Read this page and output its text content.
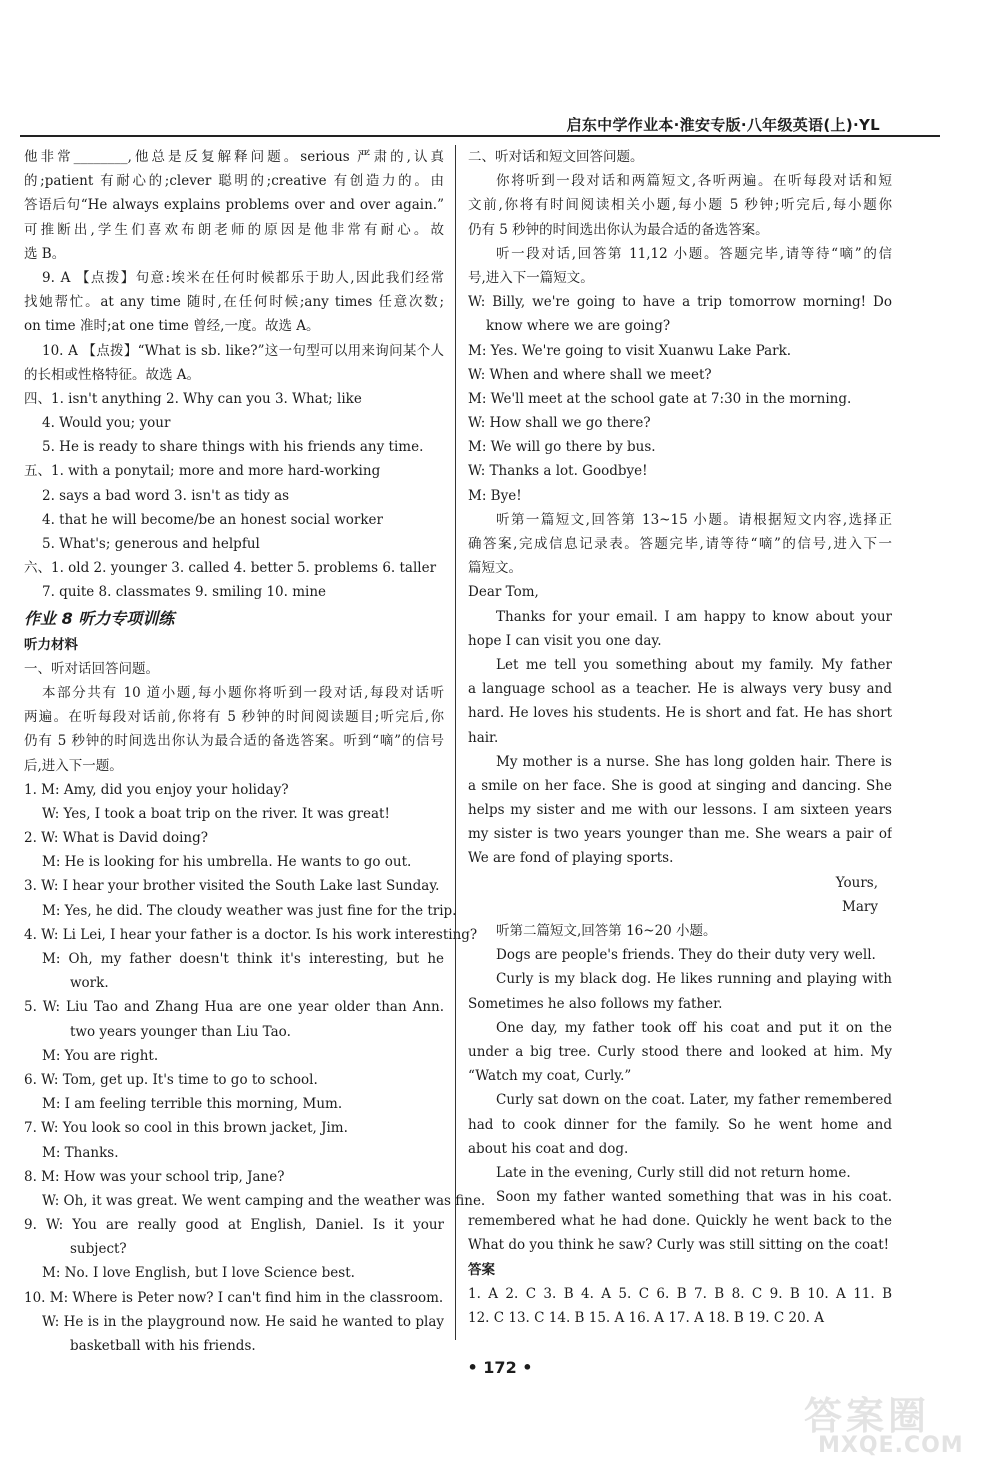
启东中学作业本·淮安专版·八年级英语(上)·YL
他非常________,他总是反复解释问题。serious 严肃的,认真
的;patient 有耐心的;clever 聪明的;creative 有创造力的。由
答语后句“He always explains problems over and over again.”
可推断出,学生们喜欢布朗老师的原因是他非常有耐心。故
选 B。
9. A 【点拨】句意:埃米在任何时候都乐于助人,因此我们经常
找她帮忙。at any time 随时,在任何时候;any times 任意次数;
on time 准时;at one time 曾经,一度。故选 A。
10. A 【点拨】“What is sb. like?”这一句型可以用来询问某个人
的长相或性格特征。故选 A。
四、1. isn't anything 2. Why can you 3. What; like
4. Would you; your
5. He is ready to share things with his friends any time.
五、1. with a ponytail; more and more hard-working
2. says a bad word 3. isn't as tidy as
4. that he will become/be an honest social worker
5. What's; generous and helpful
六、1. old 2. younger 3. called 4. better 5. problems 6. taller
7. quite 8. classmates 9. smiling 10. mine
作业 8 听力专项训练
听力材料
一、听对话回答问题。
本部分共有 10 道小题,每小题你将听到一段对话,每段对话听
两遍。在听每段对话前,你将有 5 秒钟的时间阅读题目;听完后,你
仍有 5 秒钟的时间选出你认为最合适的备选答案。听到“嘀”的信号
后,进入下一题。
1. M: Amy, did you enjoy your holiday?
W: Yes, I took a boat trip on the river. It was great!
2. W: What is David doing?
M: He is looking for his umbrella. He wants to go out.
3. W: I hear your brother visited the South Lake last Sunday.
M: Yes, he did. The cloudy weather was just fine for the trip.
4. W: Li Lei, I hear your father is a doctor. Is his work interesting?
M: Oh, my father doesn't think it's interesting, but he
work.
5. W: Liu Tao and Zhang Hua are one year older than Ann.
two years younger than Liu Tao.
M: You are right.
6. W: Tom, get up. It's time to go to school.
M: I am feeling terrible this morning, Mum.
7. W: You look so cool in this brown jacket, Jim.
M: Thanks.
8. M: How was your school trip, Jane?
W: Oh, it was great. We went camping and the weather was fine.
9. W: You are really good at English, Daniel. Is it your
subject?
M: No. I love English, but I love Science best.
10. M: Where is Peter now? I can't find him in the classroom.
W: He is in the playground now. He said he wanted to play
basketball with his friends.
二、听对话和短文回答问题。
你将听到一段对话和两篇短文,各听两遍。在听每段对话和短
文前,你将有时间阅读相关小题,每小题 5 秒钟;听完后,每小题你
仍有 5 秒钟的时间选出你认为最合适的备选答案。
听一段对话,回答第 11,12 小题。答题完毕,请等待“嘀”的信
号,进入下一篇短文。
W: Billy, we're going to have a trip tomorrow morning! Do
know where we are going?
M: Yes. We're going to visit Xuanwu Lake Park.
W: When and where shall we meet?
M: We'll meet at the school gate at 7:30 in the morning.
W: How shall we go there?
M: We will go there by bus.
W: Thanks a lot. Goodbye!
M: Bye!
听第一篇短文,回答第 13~15 小题。请根据短文内容,选择正
确答案,完成信息记录表。答题完毕,请等待“嘀”的信号,进入下一
篇短文。
Dear Tom,
Thanks for your email. I am happy to know about your
hope I can visit you one day.
Let me tell you something about my family. My father
a language school as a teacher. He is always very busy and
hard. He loves his students. He is short and fat. He has short
hair.
My mother is a nurse. She has long golden hair. There is
a smile on her face. She is good at singing and dancing. She
helps my sister and me with our lessons. I am sixteen years
my sister is two years younger than me. She wears a pair of
We are fond of playing sports.
Yours,
Mary
听第二篇短文,回答第 16~20 小题。
Dogs are people's friends. They do their duty very well.
Curly is my black dog. He likes running and playing with
Sometimes he also follows my father.
One day, my father took off his coat and put it on the
under a big tree. Curly stood there and looked at him. My
“Watch my coat, Curly.”
Curly sat down on the coat. Later, my father remembered
had to cook dinner for the family. So he went home and
about his coat and dog.
Late in the evening, Curly still did not return home.
Soon my father wanted something that was in his coat.
remembered what he had done. Quickly he went back to the
What do you think he saw? Curly was still sitting on the coat!
答案
1. A 2. C 3. B 4. A 5. C 6. B 7. B 8. C 9. B 10. A 11. B
12. C 13. C 14. B 15. A 16. A 17. A 18. B 19. C 20. A
• 172 •
答案圈
MXQE.COM
